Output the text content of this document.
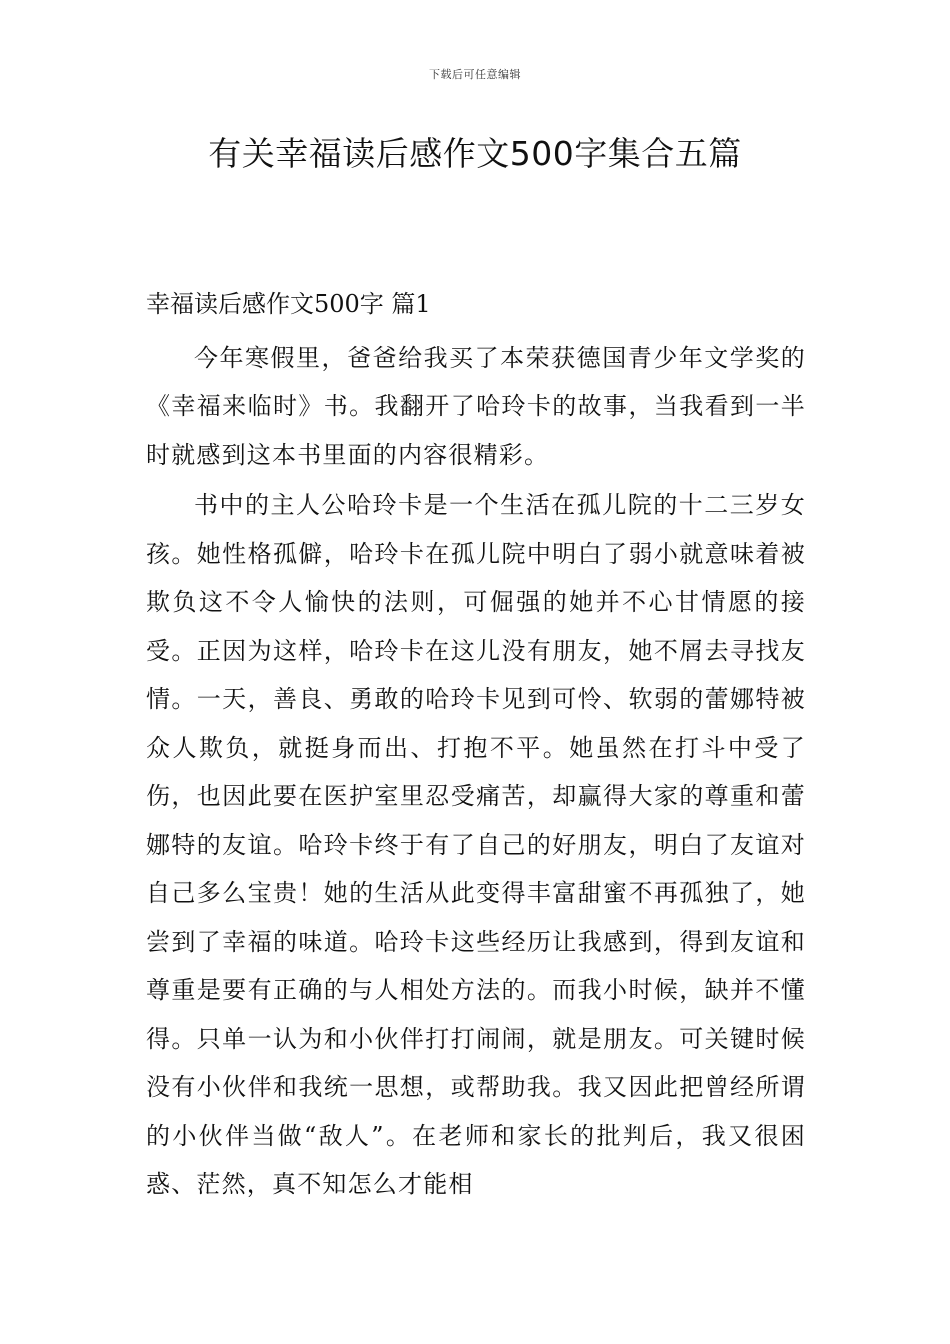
下载后可任意编辑
有关幸福读后感作文500字集合五篇

幸福读后感作文500字 篇1

今年寒假里，爸爸给我买了本荣获德国青少年文学奖的《幸福来临时》书。我翻开了哈玲卡的故事，当我看到一半时就感到这本书里面的内容很精彩。

书中的主人公哈玲卡是一个生活在孤儿院的十二三岁女孩。她性格孤僻，哈玲卡在孤儿院中明白了弱小就意味着被欺负这不令人愉快的法则，可倔强的她并不心甘情愿的接受。正因为这样，哈玲卡在这儿没有朋友，她不屑去寻找友情。一天，善良、勇敢的哈玲卡见到可怜、软弱的蕾娜特被众人欺负，就挺身而出、打抱不平。她虽然在打斗中受了伤，也因此要在医护室里忍受痛苦，却赢得大家的尊重和蕾娜特的友谊。哈玲卡终于有了自己的好朋友，明白了友谊对自己多么宝贵！她的生活从此变得丰富甜蜜不再孤独了，她尝到了幸福的味道。哈玲卡这些经历让我感到，得到友谊和尊重是要有正确的与人相处方法的。而我小时候，缺并不懂得。只单一认为和小伙伴打打闹闹，就是朋友。可关键时候没有小伙伴和我统一思想，或帮助我。我又因此把曾经所谓的小伙伴当做“敌人”。在老师和家长的批判后，我又很困惑、茫然，真不知怎么才能相
